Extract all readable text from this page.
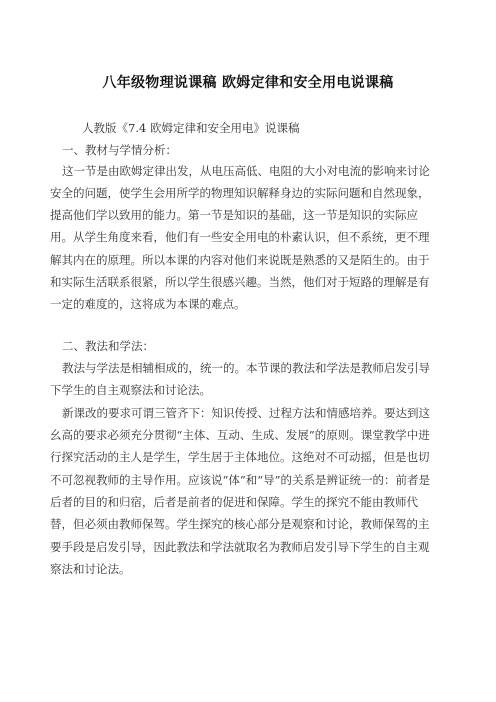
八年级物理说课稿 欧姆定律和安全用电说课稿
人教版《7.4 欧姆定律和安全用电》说课稿
一、教材与学情分析：
这一节是由欧姆定律出发，从电压高低、电阻的大小对电流的影响来讨论
安全的问题，使学生会用所学的物理知识解释身边的实际问题和自然现象，
提高他们学以致用的能力。第一节是知识的基础，这一节是知识的实际应
用。从学生角度来看，他们有一些安全用电的朴素认识，但不系统，更不理
解其内在的原理。所以本课的内容对他们来说既是熟悉的又是陌生的。由于
和实际生活联系很紧，所以学生很感兴趣。当然，他们对于短路的理解是有
一定的难度的，这将成为本课的难点。
二、教法和学法：
教法与学法是相辅相成的，统一的。本节课的教法和学法是教师启发引导
下学生的自主观察法和讨论法。
新课改的要求可谓三管齐下：知识传授、过程方法和情感培养。要达到这
幺高的要求必须充分贯彻“主体、互动、生成、发展”的原则。课堂教学中进
行探究活动的主人是学生，学生居于主体地位。这绝对不可动摇，但是也切
不可忽视教师的主导作用。应该说“体”和“导”的关系是辨证统一的：前者是
后者的目的和归宿，后者是前者的促进和保障。学生的探究不能由教师代
替，但必须由教师保驾。学生探究的核心部分是观察和讨论，教师保驾的主
要手段是启发引导，因此教法和学法就取名为教师启发引导下学生的自主观
察法和讨论法。
